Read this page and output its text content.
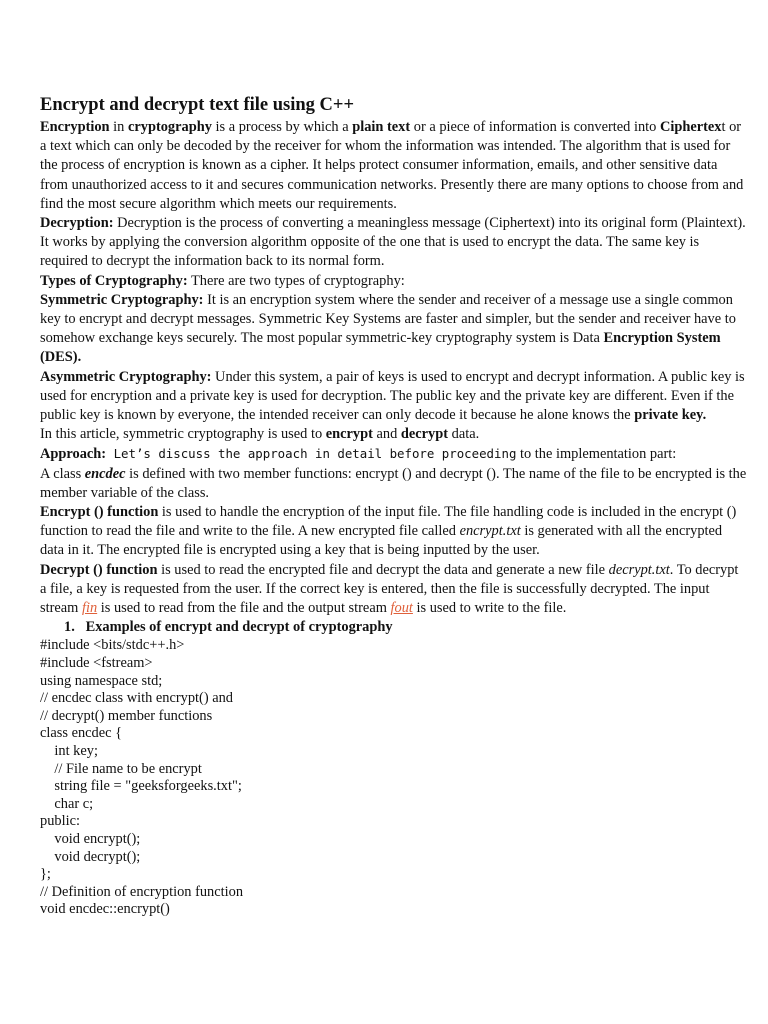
Encrypt and decrypt text file using C++

Encryption in cryptography is a process by which a plain text or a piece of information is converted into Ciphertext or a text which can only be decoded by the receiver for whom the information was intended. The algorithm that is used for the process of encryption is known as a cipher. It helps protect consumer information, emails, and other sensitive data from unauthorized access to it and secures communication networks. Presently there are many options to choose from and find the most secure algorithm which meets our requirements.

Decryption: Decryption is the process of converting a meaningless message (Ciphertext) into its original form (Plaintext). It works by applying the conversion algorithm opposite of the one that is used to encrypt the data. The same key is required to decrypt the information back to its normal form.

Types of Cryptography: There are two types of cryptography:

Symmetric Cryptography: It is an encryption system where the sender and receiver of a message use a single common key to encrypt and decrypt messages. Symmetric Key Systems are faster and simpler, but the sender and receiver have to somehow exchange keys securely. The most popular symmetric-key cryptography system is Data Encryption System (DES).

Asymmetric Cryptography: Under this system, a pair of keys is used to encrypt and decrypt information. A public key is used for encryption and a private key is used for decryption. The public key and the private key are different. Even if the public key is known by everyone, the intended receiver can only decode it because he alone knows the private key.

In this article, symmetric cryptography is used to encrypt and decrypt data.

Approach: Let’s discuss the approach in detail before proceeding to the implementation part:

A class encdec is defined with two member functions: encrypt () and decrypt (). The name of the file to be encrypted is the member variable of the class.

Encrypt () function is used to handle the encryption of the input file. The file handling code is included in the encrypt () function to read the file and write to the file. A new encrypted file called encrypt.txt is generated with all the encrypted data in it. The encrypted file is encrypted using a key that is being inputted by the user.

Decrypt () function is used to read the encrypted file and decrypt the data and generate a new file decrypt.txt. To decrypt a file, a key is requested from the user. If the correct key is entered, then the file is successfully decrypted. The input stream fin is used to read from the file and the output stream fout is used to write to the file.

1. Examples of encrypt and decrypt of cryptography

#include <bits/stdc++.h>
#include <fstream>
using namespace std;
// encdec class with encrypt() and
// decrypt() member functions
class encdec {
int key;
// File name to be encrypt
string file = "geeksforgeeks.txt";
char c;
public:
void encrypt();
void decrypt();
};
// Definition of encryption function
void encdec::encrypt()
